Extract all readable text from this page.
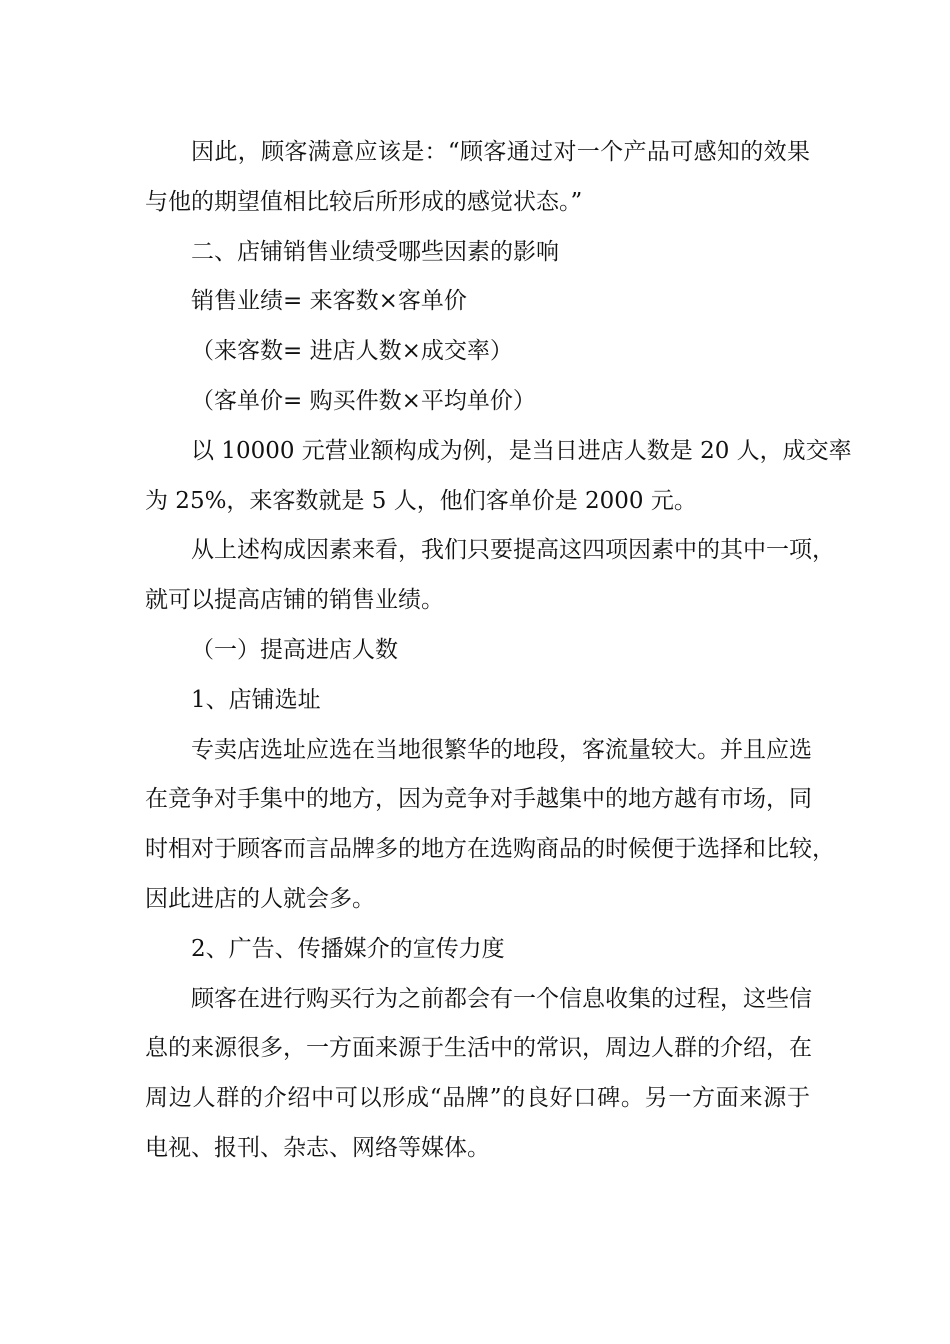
因此，顾客满意应该是：“顾客通过对一个产品可感知的效果
与他的期望值相比较后所形成的感觉状态。”
二、店铺销售业绩受哪些因素的影响
销售业绩= 来客数×客单价
（来客数= 进店人数×成交率）
（客单价= 购买件数×平均单价）
以 10000 元营业额构成为例，是当日进店人数是 20 人，成交率
为 25%，来客数就是 5 人，他们客单价是 2000 元。
从上述构成因素来看，我们只要提高这四项因素中的其中一项，
就可以提高店铺的销售业绩。
（一）提高进店人数
1、店铺选址
专卖店选址应选在当地很繁华的地段，客流量较大。并且应选
在竞争对手集中的地方，因为竞争对手越集中的地方越有市场，同
时相对于顾客而言品牌多的地方在选购商品的时候便于选择和比较，
因此进店的人就会多。
2、广告、传播媒介的宣传力度
顾客在进行购买行为之前都会有一个信息收集的过程，这些信
息的来源很多，一方面来源于生活中的常识，周边人群的介绍，在
周边人群的介绍中可以形成“品牌”的良好口碑。另一方面来源于
电视、报刊、杂志、网络等媒体。
